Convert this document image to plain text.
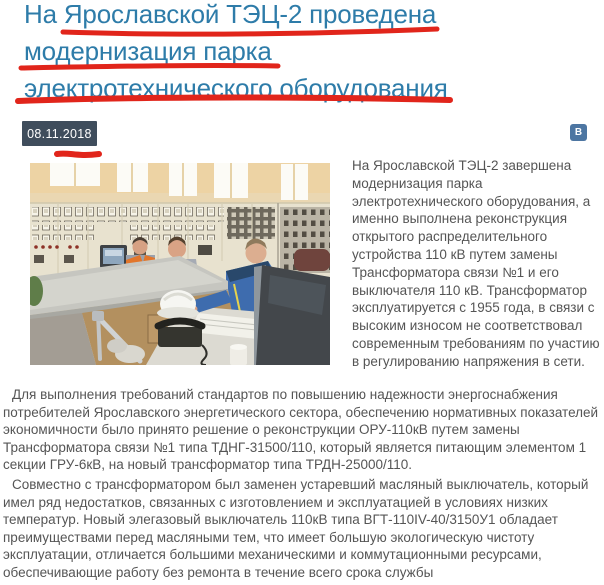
На Ярославской ТЭЦ-2 проведена
модернизация парка
электротехнического оборудования
08.11.2018	В
На Ярославской ТЭЦ-2 завершена модернизация парка электротехнического оборудования, а именно выполнена реконструкция открытого распределительного устройства 110 кВ путем замены Трансформатора связи №1 и его выключателя 110 кВ. Трансформатор эксплуатируется с 1955 года, в связи с высоким износом не соответствовал современным требованиям по участию в регулированию напряжения в сети.

Для выполнения требований стандартов по повышению надежности энергоснабжения потребителей Ярославского энергетического сектора, обеспечению нормативных показателей экономичности было принято решение о реконструкции ОРУ-110кВ путем замены Трансформатора связи №1 типа ТДНГ-31500/110, который является питающим элементом 1 секции ГРУ-6кВ, на новый трансформатор типа ТРДН-25000/110.

Совместно с трансформатором был заменен устаревший масляный выключатель, который имел ряд недостатков, связанных с изготовлением и эксплуатацией в условиях низких температур. Новый элегазовый выключатель 110кВ типа ВГТ-110IV-40/3150У1 обладает преимуществами перед масляными тем, что имеет большую экологическую чистоту эксплуатации, отличается большими механическими и коммутационными ресурсами, обеспечивающие работу без ремонта в течение всего срока службы
